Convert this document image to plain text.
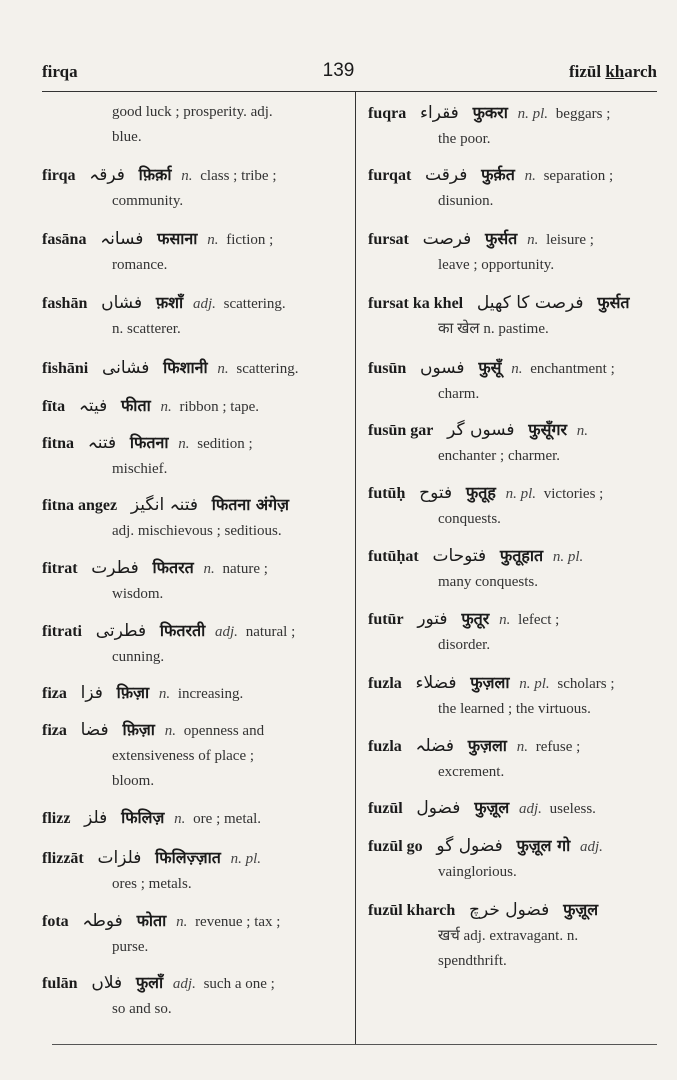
firqa	139	fizūl kharch
good luck ; prosperity. adj.
blue.
firqa فرقہ फ़िर्क़ा n. class ; tribe ;
community.
fasāna فسانہ फसाना n. fiction ;
romance.
fashān فشاں फ़शाँ adj. scattering.
n. scatterer.
fishāni فشانی फिशानी n. scattering.
fīta فیتہ फीता n. ribbon ; tape.
fitna فتنہ फितना n. sedition ;
mischief.
fitna angez فتنہ انگیز फितना अंगेज़
adj. mischievous ; seditious.
fitrat فطرت फितरत n. nature ;
wisdom.
fitrati فطرتی फितरती adj. natural ;
cunning.
fiza فزا फ़िज़ा n. increasing.
fiza فضا फ़िज़ा n. openness and
extensiveness of place ;
bloom.
flizz فلز फिलिज़ n. ore ; metal.
flizzāt فلزات फिलिज़्ज़ात n. pl.
ores ; metals.
fota فوطہ फोता n. revenue ; tax ;
purse.
fulān فلاں फुलाँ adj. such a one ;
so and so.
fuqra فقراء फुकरा n. pl. beggars ;
the poor.
furqat فرقت फुर्क़त n. separation ;
disunion.
fursat فرصت फुर्सत n. leisure ;
leave ; opportunity.
fursat ka khel فرصت کا کھیل फुर्सत
का खेल n. pastime.
fusūn فسوں फुसूँ n. enchantment ;
charm.
fusūn gar فسوں گر फुसूँगर n.
enchanter ; charmer.
futūḥ فتوح फुतूह n. pl. victories ;
conquests.
futūḥat فتوحات फुतूहात n. pl.
many conquests.
futūr فتور फुतूर n. lefect ;
disorder.
fuzla فضلاء फुज़ला n. pl. scholars ;
the learned ; the virtuous.
fuzla فضلہ फुज़ला n. refuse ;
excrement.
fuzūl فضول फुज़ूल adj. useless.
fuzūl go فضول گو फुज़ूल गो adj.
vainglorious.
fuzūl kharch فضول خرچ फुज़ूल
खर्च adj. extravagant. n.
spendthrift.
